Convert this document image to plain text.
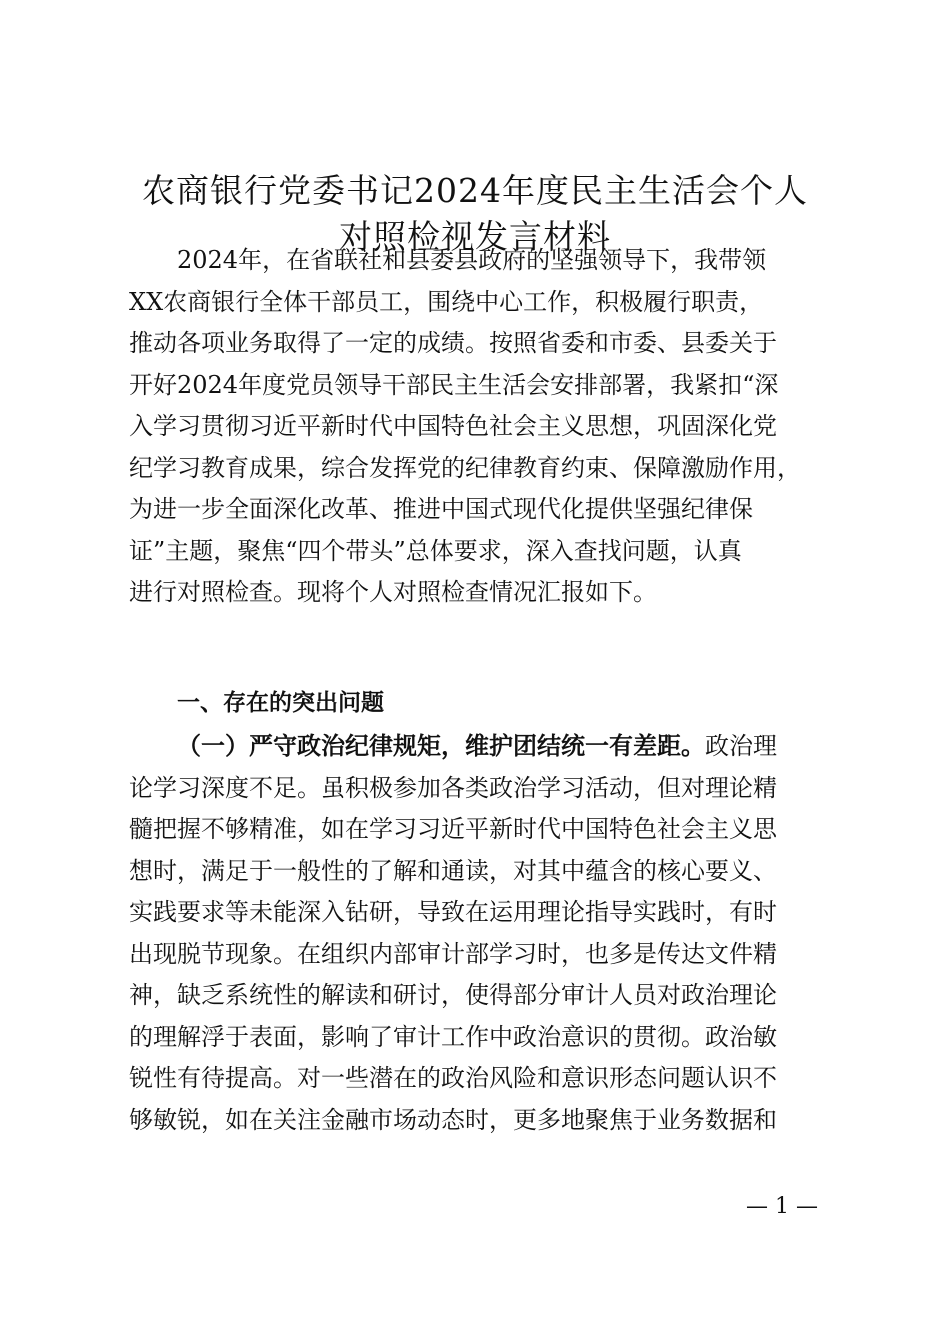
农商银行党委书记2024年度民主生活会个人
对照检视发言材料
2024年，在省联社和县委县政府的坚强领导下，我带领
XX农商银行全体干部员工，围绕中心工作，积极履行职责，
推动各项业务取得了一定的成绩。按照省委和市委、县委关于
开好2024年度党员领导干部民主生活会安排部署，我紧扣“深
入学习贯彻习近平新时代中国特色社会主义思想，巩固深化党
纪学习教育成果，综合发挥党的纪律教育约束、保障激励作用，
为进一步全面深化改革、推进中国式现代化提供坚强纪律保
证”主题，聚焦“四个带头”总体要求，深入查找问题，认真
进行对照检查。现将个人对照检查情况汇报如下。
一、存在的突出问题
（一）严守政治纪律规矩，维护团结统一有差距。政治理
论学习深度不足。虽积极参加各类政治学习活动，但对理论精
髓把握不够精准，如在学习习近平新时代中国特色社会主义思
想时，满足于一般性的了解和通读，对其中蕴含的核心要义、
实践要求等未能深入钻研，导致在运用理论指导实践时，有时
出现脱节现象。在组织内部审计部学习时，也多是传达文件精
神，缺乏系统性的解读和研讨，使得部分审计人员对政治理论
的理解浮于表面，影响了审计工作中政治意识的贯彻。政治敏
锐性有待提高。对一些潜在的政治风险和意识形态问题认识不
够敏锐，如在关注金融市场动态时，更多地聚焦于业务数据和
— 1 —
